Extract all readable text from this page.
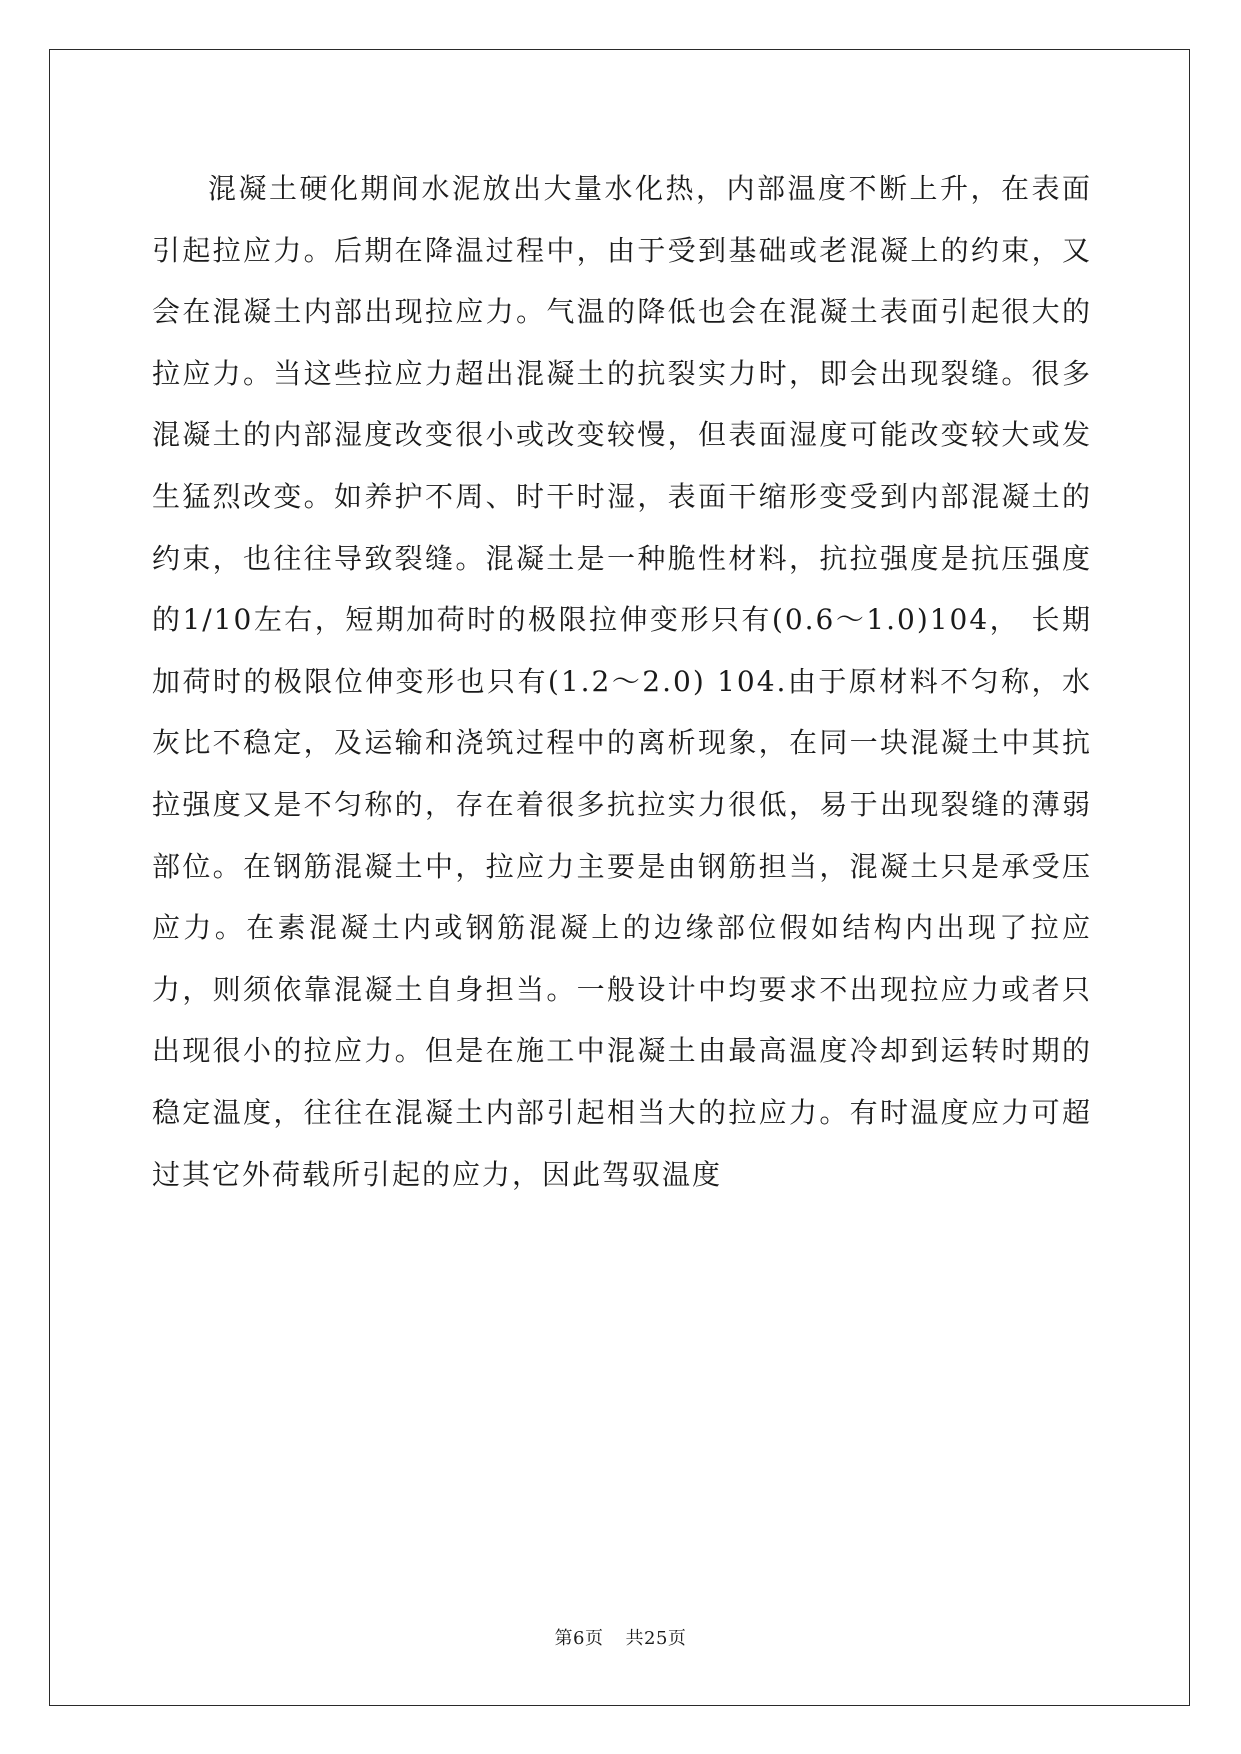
混凝土硬化期间水泥放出大量水化热，内部温度不断上升，在表面引起拉应力。后期在降温过程中，由于受到基础或老混凝上的约束，又会在混凝土内部出现拉应力。气温的降低也会在混凝土表面引起很大的拉应力。当这些拉应力超出混凝土的抗裂实力时，即会出现裂缝。很多混凝土的内部湿度改变很小或改变较慢，但表面湿度可能改变较大或发生猛烈改变。如养护不周、时干时湿，表面干缩形变受到内部混凝土的约束，也往往导致裂缝。混凝土是一种脆性材料，抗拉强度是抗压强度的1/10左右，短期加荷时的极限拉伸变形只有(0.6～1.0)104， 长期加荷时的极限位伸变形也只有(1.2～2.0) 104.由于原材料不匀称，水灰比不稳定，及运输和浇筑过程中的离析现象，在同一块混凝土中其抗拉强度又是不匀称的，存在着很多抗拉实力很低，易于出现裂缝的薄弱部位。在钢筋混凝土中，拉应力主要是由钢筋担当，混凝土只是承受压应力。在素混凝土内或钢筋混凝上的边缘部位假如结构内出现了拉应力，则须依靠混凝土自身担当。一般设计中均要求不出现拉应力或者只出现很小的拉应力。但是在施工中混凝土由最高温度冷却到运转时期的稳定温度，往往在混凝土内部引起相当大的拉应力。有时温度应力可超过其它外荷载所引起的应力，因此驾驭温度

第6页 共25页
